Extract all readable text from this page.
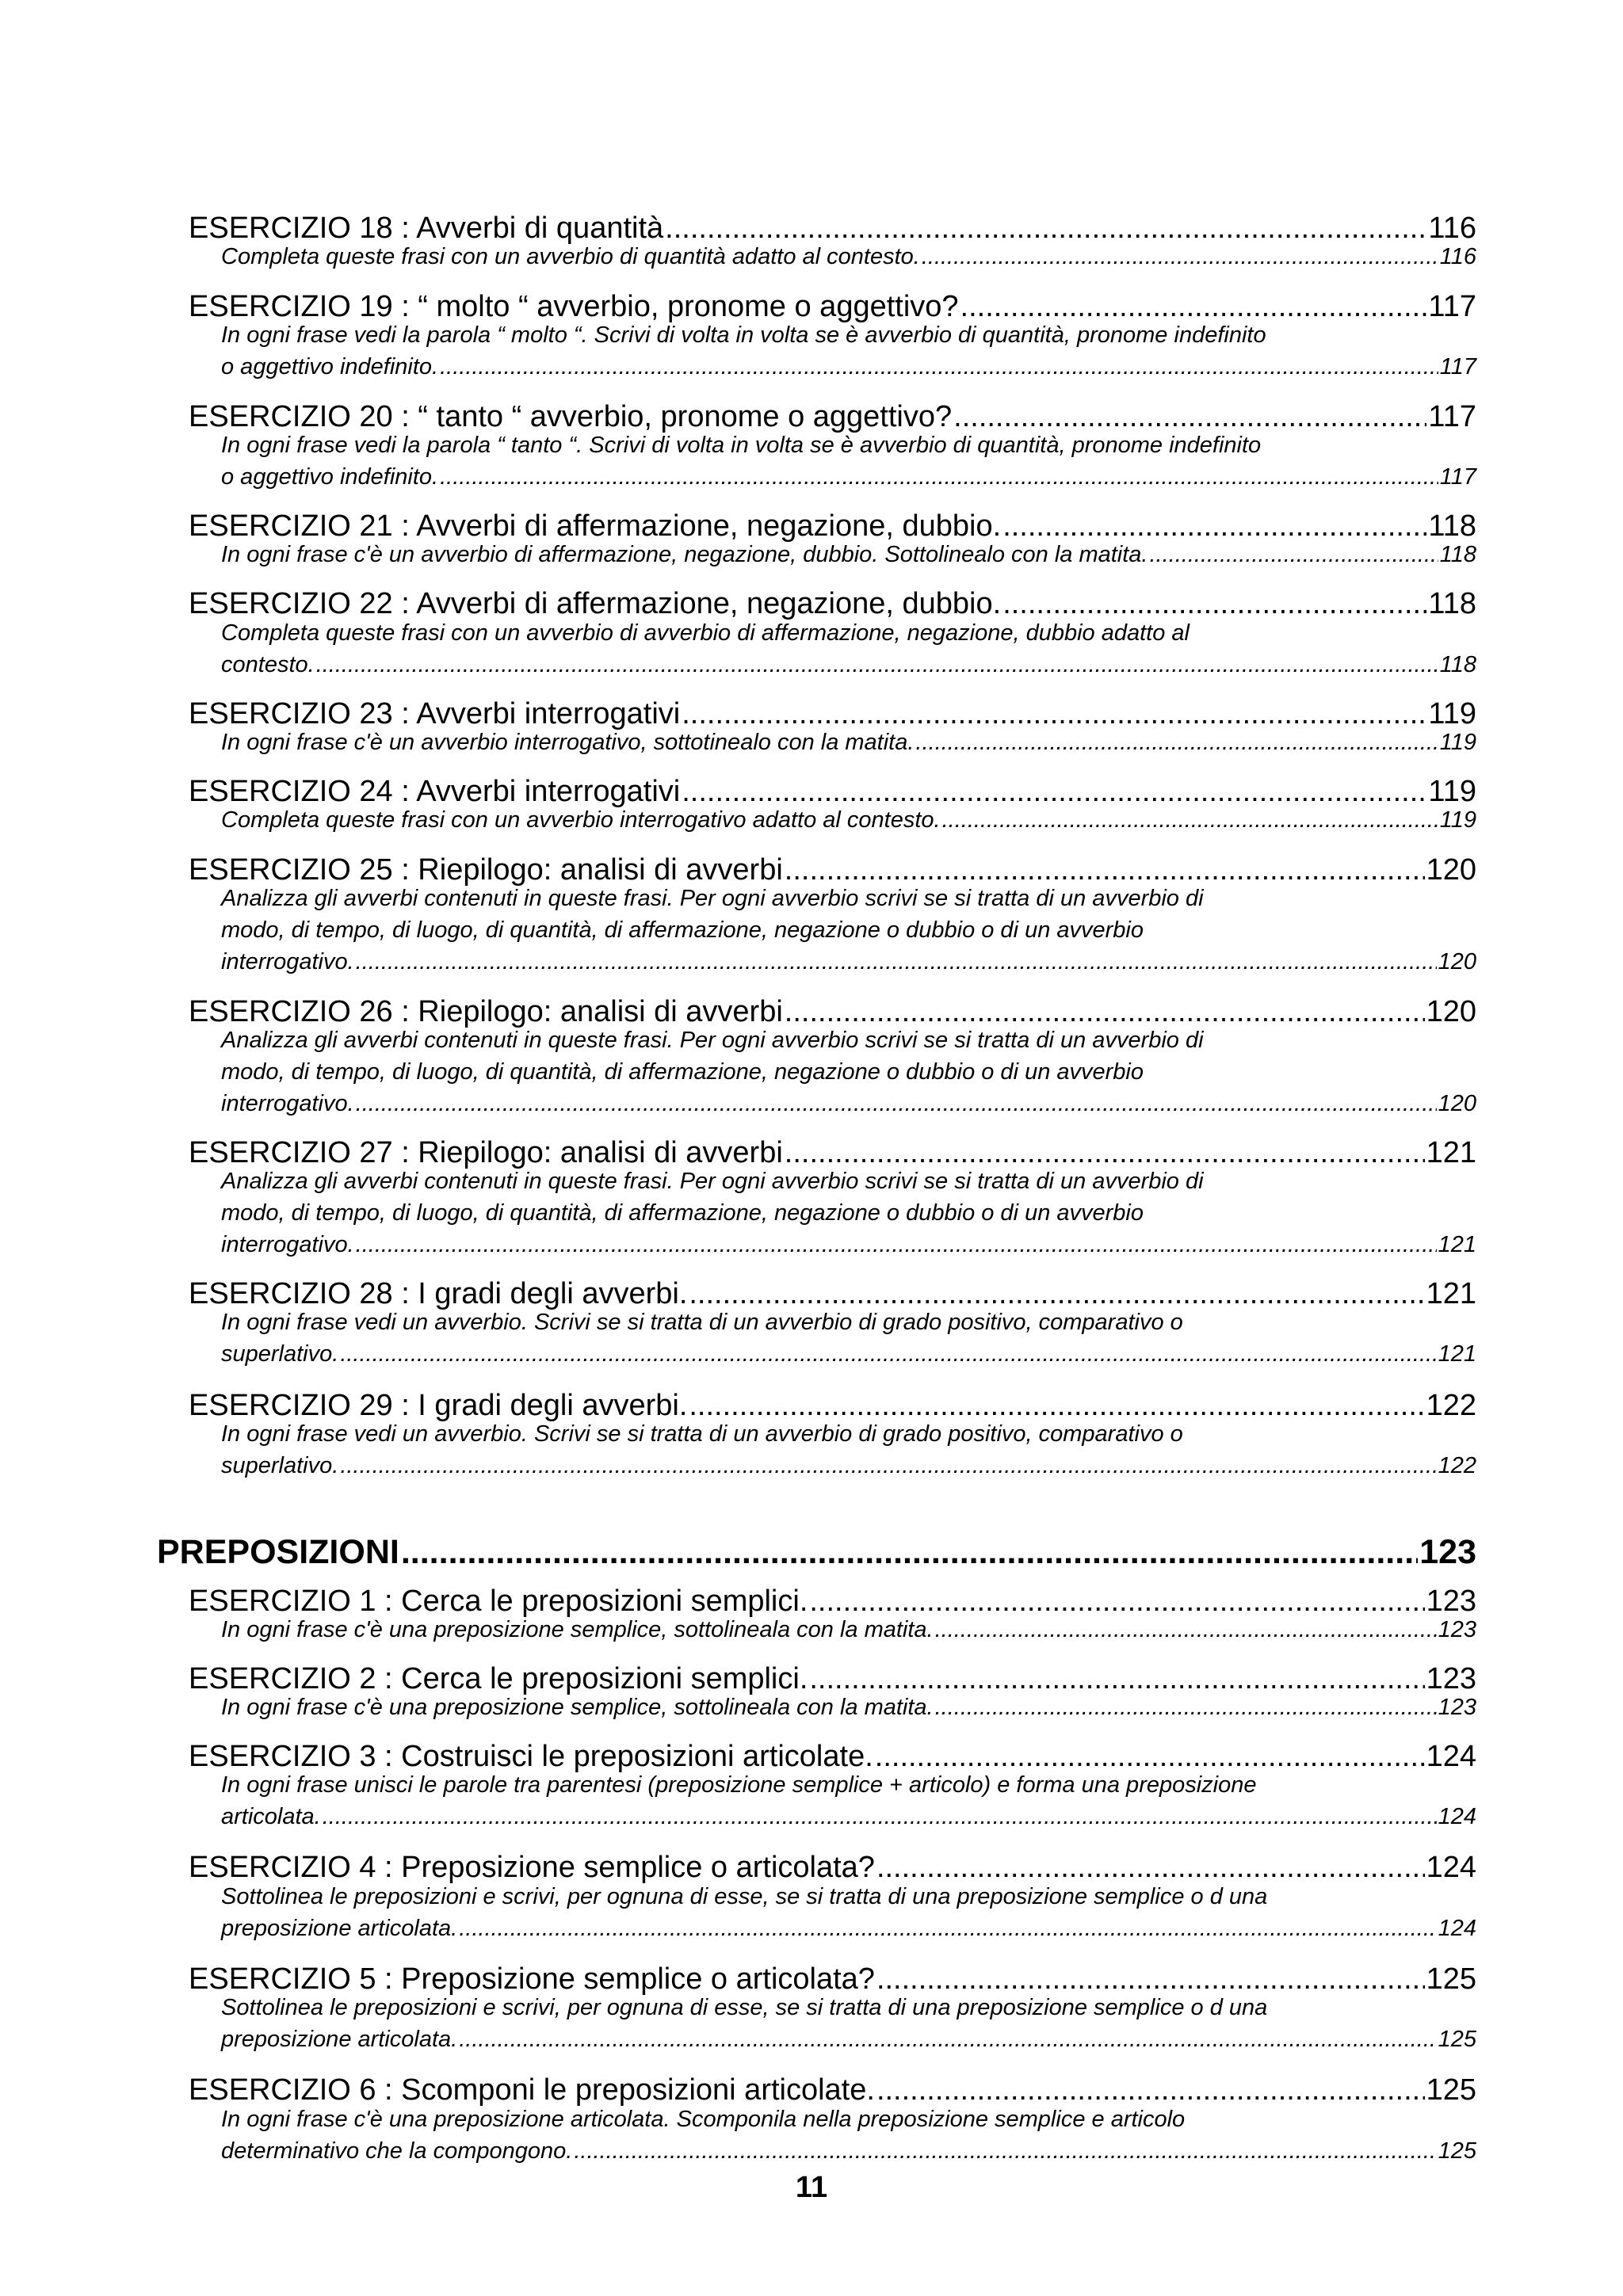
ESERCIZIO 18 : Avverbi di quantità .....	116
Completa queste frasi con un avverbio di quantità adatto al contesto. .....	116
ESERCIZIO 19 : “ molto “ avverbio, pronome o aggettivo? .....	117
In ogni frase vedi la parola “ molto “. Scrivi di volta in volta se è avverbio di quantità, pronome indefinito
o aggettivo indefinito. .....	117
ESERCIZIO 20 : “ tanto “ avverbio, pronome o aggettivo? .....	117
In ogni frase vedi la parola “ tanto “. Scrivi di volta in volta se è avverbio di quantità, pronome indefinito
o aggettivo indefinito. .....	117
ESERCIZIO 21 : Avverbi di affermazione, negazione, dubbio. .....	118
In ogni frase c'è un avverbio di affermazione, negazione, dubbio. Sottolinealo con la matita. .....	118
ESERCIZIO 22 : Avverbi di affermazione, negazione, dubbio. .....	118
Completa queste frasi con un avverbio di avverbio di affermazione, negazione, dubbio adatto al
contesto. .....	118
ESERCIZIO 23 : Avverbi interrogativi .....	119
In ogni frase c'è un avverbio interrogativo, sottotinealo con la matita. .....	119
ESERCIZIO 24 : Avverbi interrogativi .....	119
Completa queste frasi con un avverbio interrogativo adatto al contesto. .....	119
ESERCIZIO 25 : Riepilogo: analisi di avverbi .....	120
Analizza gli avverbi contenuti in queste frasi. Per ogni avverbio scrivi se si tratta di un avverbio di
modo, di tempo, di luogo, di quantità, di affermazione, negazione o dubbio o di un avverbio
interrogativo. .....	120
ESERCIZIO 26 : Riepilogo: analisi di avverbi .....	120
Analizza gli avverbi contenuti in queste frasi. Per ogni avverbio scrivi se si tratta di un avverbio di
modo, di tempo, di luogo, di quantità, di affermazione, negazione o dubbio o di un avverbio
interrogativo. .....	120
ESERCIZIO 27 : Riepilogo: analisi di avverbi .....	121
Analizza gli avverbi contenuti in queste frasi. Per ogni avverbio scrivi se si tratta di un avverbio di
modo, di tempo, di luogo, di quantità, di affermazione, negazione o dubbio o di un avverbio
interrogativo. .....	121
ESERCIZIO 28 : I gradi degli avverbi. .....	121
In ogni frase vedi un avverbio. Scrivi se si tratta di un avverbio di grado positivo, comparativo o
superlativo. .....	121
ESERCIZIO 29 : I gradi degli avverbi. .....	122
In ogni frase vedi un avverbio. Scrivi se si tratta di un avverbio di grado positivo, comparativo o
superlativo. .....	122
PREPOSIZIONI .....	123
ESERCIZIO 1 : Cerca le preposizioni semplici. .....	123
In ogni frase c'è una preposizione semplice, sottolineala con la matita. .....	123
ESERCIZIO 2 : Cerca le preposizioni semplici. .....	123
In ogni frase c'è una preposizione semplice, sottolineala con la matita. .....	123
ESERCIZIO 3 : Costruisci le preposizioni articolate. .....	124
In ogni frase unisci le parole tra parentesi (preposizione semplice + articolo) e forma una preposizione
articolata. .....	124
ESERCIZIO 4 : Preposizione semplice o articolata? .....	124
Sottolinea le preposizioni e scrivi, per ognuna di esse, se si tratta di una preposizione semplice o d una
preposizione articolata. .....	124
ESERCIZIO 5 : Preposizione semplice o articolata? .....	125
Sottolinea le preposizioni e scrivi, per ognuna di esse, se si tratta di una preposizione semplice o d una
preposizione articolata. .....	125
ESERCIZIO 6 : Scomponi le preposizioni articolate. .....	125
In ogni frase c'è una preposizione articolata. Scomponila nella preposizione semplice e articolo
determinativo che la compongono. .....	125
11
